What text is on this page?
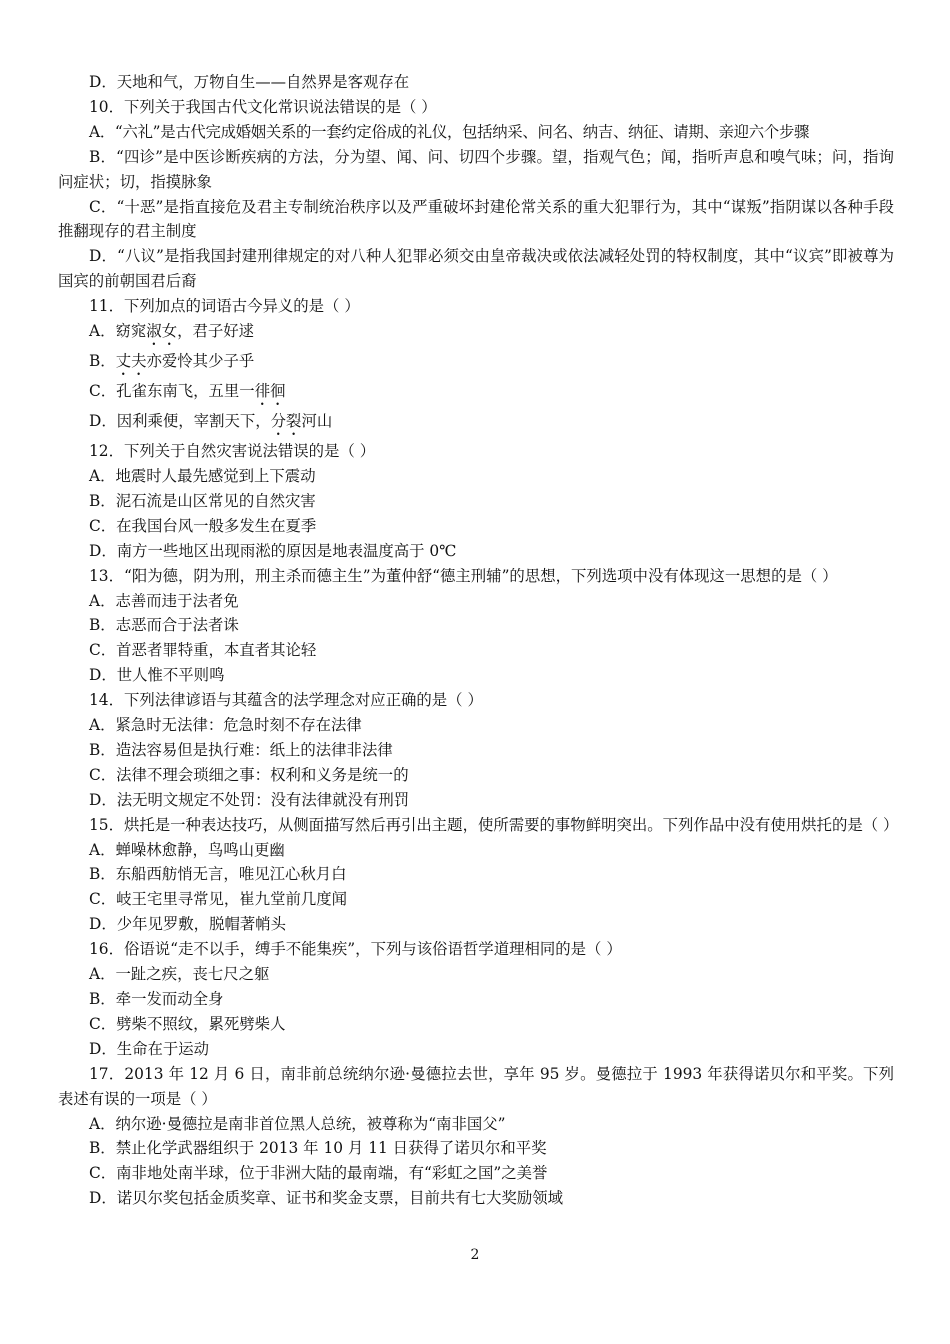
D．天地和气，万物自生——自然界是客观存在

10．下列关于我国古代文化常识说法错误的是（ ）

A．“六礼”是古代完成婚姻关系的一套约定俗成的礼仪，包括纳采、问名、纳吉、纳征、请期、亲迎六个步骤

B．“四诊”是中医诊断疾病的方法，分为望、闻、问、切四个步骤。望，指观气色；闻，指听声息和嗅气味；问，指询问症状；切，指摸脉象

C．“十恶”是指直接危及君主专制统治秩序以及严重破坏封建伦常关系的重大犯罪行为，其中“谋叛”指阴谋以各种手段推翻现存的君主制度

D．“八议”是指我国封建刑律规定的对八种人犯罪必须交由皇帝裁决或依法减轻处罚的特权制度，其中“议宾”即被尊为国宾的前朝国君后裔

11．下列加点的词语古今异义的是（ ）

A．窈窕淑女，君子好逑

B．丈夫亦爱怜其少子乎

C．孔雀东南飞，五里一徘徊

D．因利乘便，宰割天下，分裂河山

12．下列关于自然灾害说法错误的是（ ）

A．地震时人最先感觉到上下震动

B．泥石流是山区常见的自然灾害

C．在我国台风一般多发生在夏季

D．南方一些地区出现雨淞的原因是地表温度高于 0℃

13．“阳为德，阴为刑，刑主杀而德主生”为董仲舒“德主刑辅”的思想，下列选项中没有体现这一思想的是（ ）

A．志善而违于法者免

B．志恶而合于法者诛

C．首恶者罪特重，本直者其论轻

D．世人惟不平则鸣

14．下列法律谚语与其蕴含的法学理念对应正确的是（ ）

A．紧急时无法律：危急时刻不存在法律

B．造法容易但是执行难：纸上的法律非法律

C．法律不理会琐细之事：权利和义务是统一的

D．法无明文规定不处罚：没有法律就没有刑罚

15．烘托是一种表达技巧，从侧面描写然后再引出主题，使所需要的事物鲜明突出。下列作品中没有使用烘托的是（ ）

A．蝉噪林愈静，鸟鸣山更幽

B．东船西舫悄无言，唯见江心秋月白

C．岐王宅里寻常见，崔九堂前几度闻

D．少年见罗敷，脱帽著帩头

16．俗语说“走不以手，缚手不能集疾”，下列与该俗语哲学道理相同的是（ ）

A．一趾之疾，丧七尺之躯

B．牵一发而动全身

C．劈柴不照纹，累死劈柴人

D．生命在于运动

17．2013 年 12 月 6 日，南非前总统纳尔逊·曼德拉去世，享年 95 岁。曼德拉于 1993 年获得诺贝尔和平奖。下列表述有误的一项是（ ）

A．纳尔逊·曼德拉是南非首位黑人总统，被尊称为“南非国父”

B．禁止化学武器组织于 2013 年 10 月 11 日获得了诺贝尔和平奖

C．南非地处南半球，位于非洲大陆的最南端，有“彩虹之国”之美誉

D．诺贝尔奖包括金质奖章、证书和奖金支票，目前共有七大奖励领域

2
